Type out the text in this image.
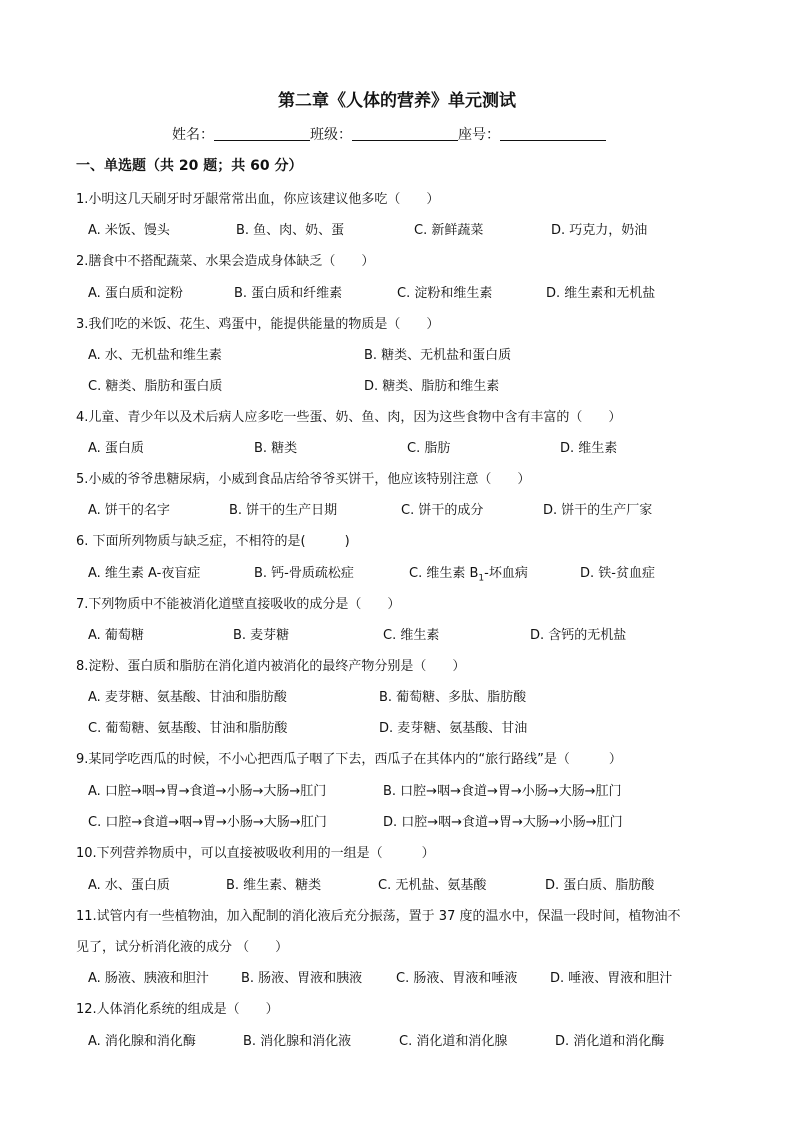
第二章《人体的营养》单元测试
姓名：	班级：	座号：
一、单选题（共 20 题；共 60 分）
1.小明这几天刷牙时牙龈常常出血，你应该建议他多吃（　　）
A. 米饭、馒头	B. 鱼、肉、奶、蛋	C. 新鲜蔬菜	D. 巧克力，奶油
2.膳食中不搭配蔬菜、水果会造成身体缺乏（　　）
A. 蛋白质和淀粉	B. 蛋白质和纤维素	C. 淀粉和维生素	D. 维生素和无机盐
3.我们吃的米饭、花生、鸡蛋中，能提供能量的物质是（　　）
A. 水、无机盐和维生素	B. 糖类、无机盐和蛋白质
C. 糖类、脂肪和蛋白质	D. 糖类、脂肪和维生素
4.儿童、青少年以及术后病人应多吃一些蛋、奶、鱼、肉，因为这些食物中含有丰富的（　　）
A. 蛋白质	B. 糖类	C. 脂肪	D. 维生素
5.小威的爷爷患糖尿病，小威到食品店给爷爷买饼干，他应该特别注意（　　）
A. 饼干的名字	B. 饼干的生产日期	C. 饼干的成分	D. 饼干的生产厂家
6. 下面所列物质与缺乏症，不相符的是(　　　)
A. 维生素 A-夜盲症	B. 钙-骨质疏松症	C. 维生素 $B_1-$坏血病	D. 铁-贫血症
7.下列物质中不能被消化道壁直接吸收的成分是（　　）
A. 葡萄糖	B. 麦芽糖	C. 维生素	D. 含钙的无机盐
8.淀粉、蛋白质和脂肪在消化道内被消化的最终产物分别是（　　）
A. 麦芽糖、氨基酸、甘油和脂肪酸	B. 葡萄糖、多肽、脂肪酸
C. 葡萄糖、氨基酸、甘油和脂肪酸	D. 麦芽糖、氨基酸、甘油
9.某同学吃西瓜的时候，不小心把西瓜子咽了下去，西瓜子在其体内的“旅行路线”是（　　　）
A. 口腔→咽→胃→食道→小肠→大肠→肛门	B. 口腔→咽→食道→胃→小肠→大肠→肛门
C. 口腔→食道→咽→胃→小肠→大肠→肛门	D. 口腔→咽→食道→胃→大肠→小肠→肛门
10.下列营养物质中，可以直接被吸收利用的一组是（　　　）
A. 水、蛋白质	B. 维生素、糖类	C. 无机盐、氨基酸	D. 蛋白质、脂肪酸
11.试管内有一些植物油，加入配制的消化液后充分振荡，置于 37 度的温水中，保温一段时间，植物油不
见了，试分析消化液的成分 （　　）
A. 肠液、胰液和胆汁 B. 肠液、胃液和胰液	C. 肠液、胃液和唾液	D. 唾液、胃液和胆汁
12.人体消化系统的组成是（　　）
A. 消化腺和消化酶	B. 消化腺和消化液	C. 消化道和消化腺	D. 消化道和消化酶
